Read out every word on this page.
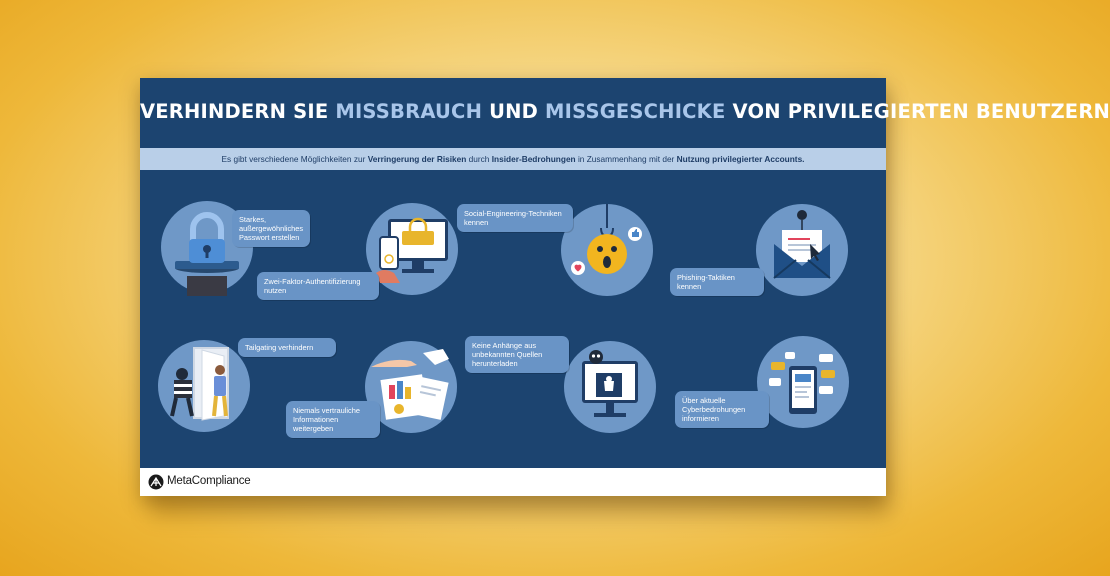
VERHINDERN SIE MISSBRAUCH UND MISSGESCHICKE VON PRIVILEGIERTEN BENUTZERN
Es gibt verschiedene Möglichkeiten zur Verringerung der Risiken durch Insider-Bedrohungen in Zusammenhang mit der Nutzung privilegierter Accounts.
Starkes, außergewöhnliches Passwort erstellen
Zwei-Faktor-Authentifizierung nutzen
Social-Engineering-Techniken kennen
Phishing-Taktiken kennen
Tailgating verhindern
Niemals vertrauliche Informationen weitergeben
Keine Anhänge aus unbekannten Quellen herunterladen
Über aktuelle Cyberbedrohungen informieren
MetaCompliance
